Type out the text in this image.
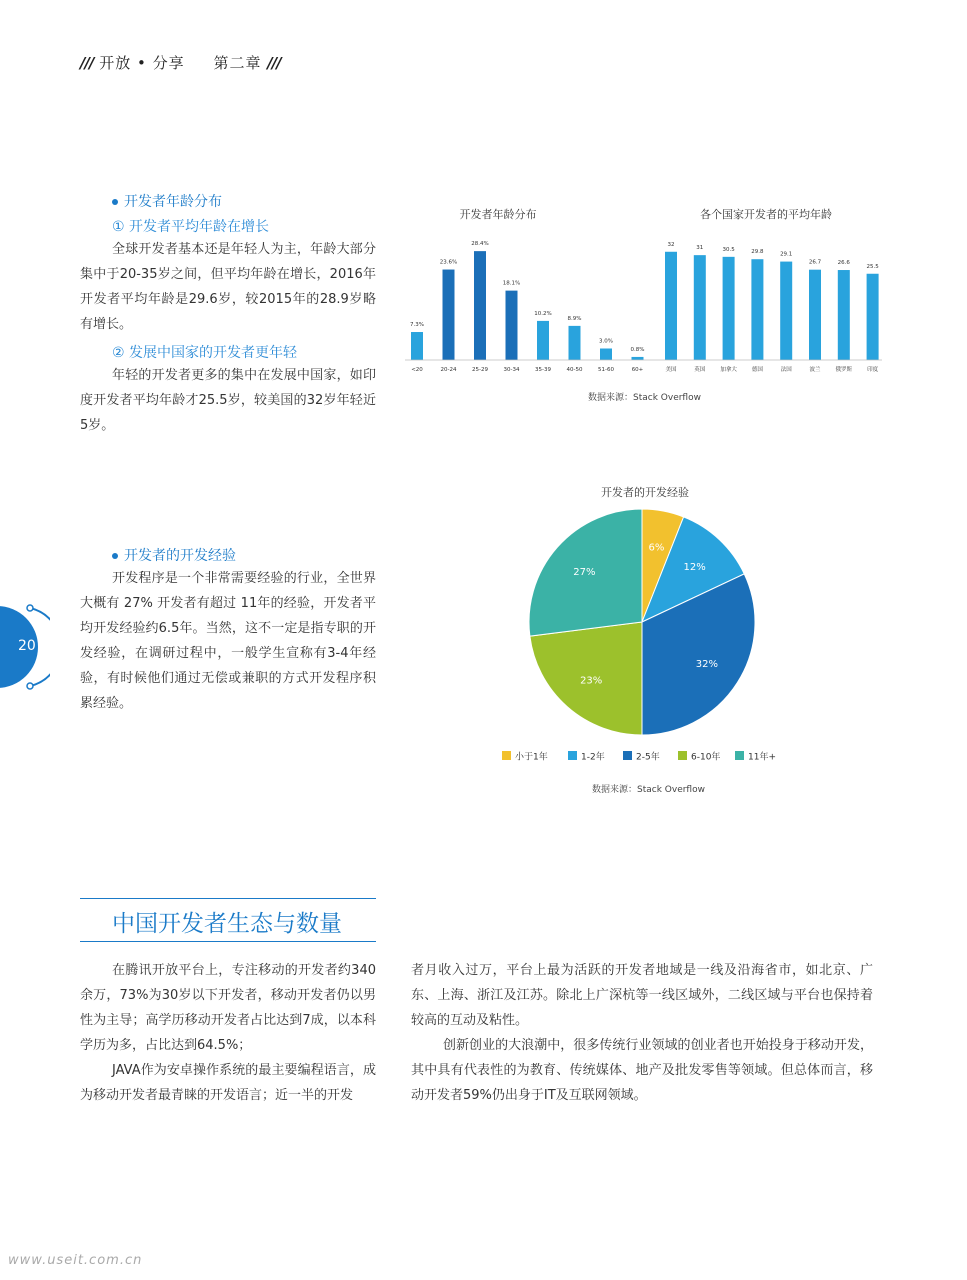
/// 开放 • 分享 第二章 ///
开发者年龄分布
① 开发者平均年龄在增长
全球开发者基本还是年轻人为主，年龄大部分集中于20-35岁之间，但平均年龄在增长，2016年开发者平均年龄是29.6岁，较2015年的28.9岁略有增长。
② 发展中国家的开发者更年轻
年轻的开发者更多的集中在发展中国家，如印度开发者平均年龄才25.5岁，较美国的32岁年轻近5岁。
开发者年龄分布	各个国家开发者的平均年龄
7.3%
<20
23.6%
20-24
28.4%
25-29
18.1%
30-34
10.2%
35-39
8.9%
40-50
3.0%
51-60
0.8%
60+
32
美国
31
英国
30.5
加拿大
29.8
德国
29.1
法国
26.7
波兰
26.6
俄罗斯
25.5
印度
数据来源：Stack Overflow
开发者的开发经验
开发程序是一个非常需要经验的行业，全世界大概有 27% 开发者有超过 11年的经验，开发者平均开发经验约6.5年。当然，这不一定是指专职的开发经验，在调研过程中，一般学生宣称有3-4年经验，有时候他们通过无偿或兼职的方式开发程序积累经验。
20
开发者的开发经验
6%
12%
32%
23%
27%
小于1年	1-2年	2-5年	6-10年	11年+
数据来源：Stack Overflow
中国开发者生态与数量
在腾讯开放平台上，专注移动的开发者约340余万，73%为30岁以下开发者，移动开发者仍以男性为主导；高学历移动开发者占比达到7成，以本科学历为多，占比达到64.5%；
JAVA作为安卓操作系统的最主要编程语言，成为移动开发者最青睐的开发语言；近一半的开发
者月收入过万，平台上最为活跃的开发者地域是一线及沿海省市，如北京、广东、上海、浙江及江苏。除北上广深杭等一线区域外，二线区域与平台也保持着较高的互动及粘性。
创新创业的大浪潮中，很多传统行业领域的创业者也开始投身于移动开发，其中具有代表性的为教育、传统媒体、地产及批发零售等领域。但总体而言，移动开发者59%仍出身于IT及互联网领域。
www.useit.com.cn
